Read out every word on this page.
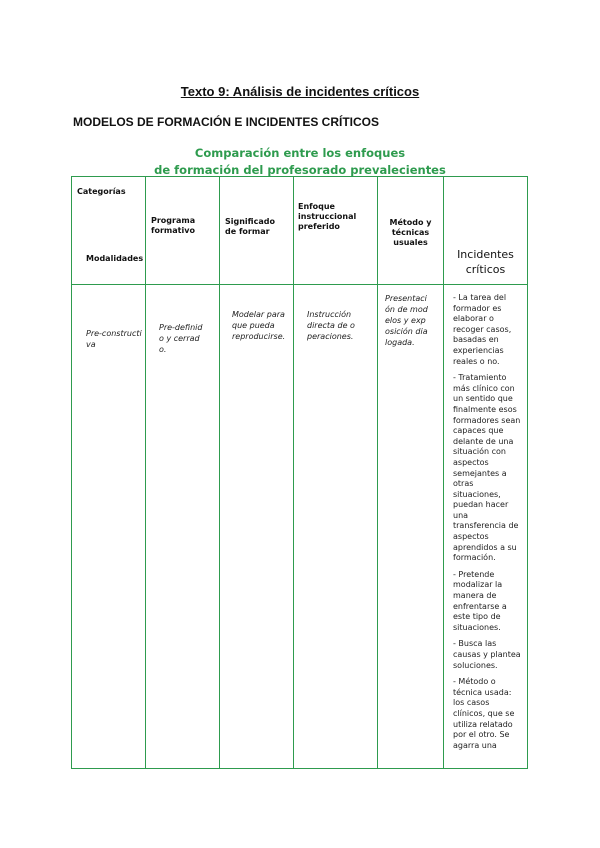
Texto 9: Análisis de incidentes críticos
MODELOS DE FORMACIÓN E INCIDENTES CRÍTICOS
Comparación entre los enfoques
de formación del profesorado prevalecientes
Categorías
Modalidades	Programa formativo	Significado de formar	Enfoque instruccional preferido	Método y técnicas usuales	Incidentes críticos

Pre-constructiva	Pre-definido y cerrado.	Modelar para que pueda reproducirse.	Instrucción directa de operaciones.	Presentación de modelos y exposición dialogada.	- La tarea del formador es elaborar o recoger casos, basadas en experiencias reales o no.

- Tratamiento más clínico con un sentido que finalmente esos formadores sean capaces que delante de una situación con aspectos semejantes a otras situaciones, puedan hacer una transferencia de aspectos aprendidos a su formación.

- Pretende modalizar la manera de enfrentarse a este tipo de situaciones.

- Busca las causas y plantea soluciones.

- Método o técnica usada: los casos clínicos, que se utiliza relatado por el otro. Se agarra una
